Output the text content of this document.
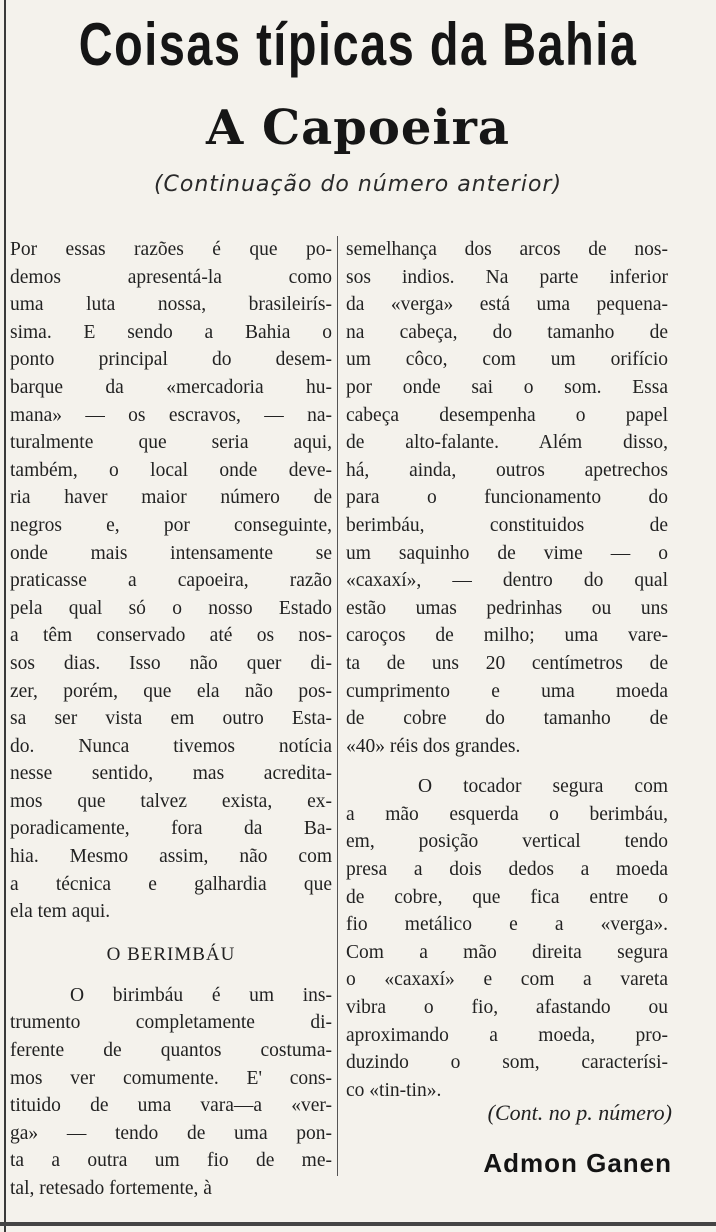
Coisas típicas da Bahia
A Capoeira
(Continuação do número anterior)
Por essas razões é que po-
demos apresentá-la como
uma luta nossa, brasileirís-
sima. E sendo a Bahia o
ponto principal do desem-
barque da «mercadoria hu-
mana» — os escravos, — na-
turalmente que seria aqui,
também, o local onde deve-
ria haver maior número de
negros e, por conseguinte,
onde mais intensamente se
praticasse a capoeira, razão
pela qual só o nosso Estado
a têm conservado até os nos-
sos dias. Isso não quer di-
zer, porém, que ela não pos-
sa ser vista em outro Esta-
do. Nunca tivemos notícia
nesse sentido, mas acredita-
mos que talvez exista, ex-
poradicamente, fora da Ba-
hia. Mesmo assim, não com
a técnica e galhardia que
ela tem aqui.
O BERIMBÁU
O birimbáu é um ins-
trumento completamente di-
ferente de quantos costuma-
mos ver comumente. E' cons-
tituido de uma vara—a «ver-
ga» — tendo de uma pon-
ta a outra um fio de me-
tal, retesado fortemente, à
semelhança dos arcos de nos-
sos indios. Na parte inferior
da «verga» está uma pequena-
na cabeça, do tamanho de
um côco, com um orifício
por onde sai o som. Essa
cabeça desempenha o papel
de alto-falante. Além disso,
há, ainda, outros apetrechos
para o funcionamento do
berimbáu, constituidos de
um saquinho de vime — o
«caxaxí», — dentro do qual
estão umas pedrinhas ou uns
caroços de milho; uma vare-
ta de uns 20 centímetros de
cumprimento e uma moeda
de cobre do tamanho de
«40» réis dos grandes.
O tocador segura com
a mão esquerda o berimbáu,
em, posição vertical tendo
presa a dois dedos a moeda
de cobre, que fica entre o
fio metálico e a «verga».
Com a mão direita segura
o «caxaxí» e com a vareta
vibra o fio, afastando ou
aproximando a moeda, pro-
duzindo o som, caracterísi-
co «tin-tin».
(Cont. no p. número)
Admon Ganen
